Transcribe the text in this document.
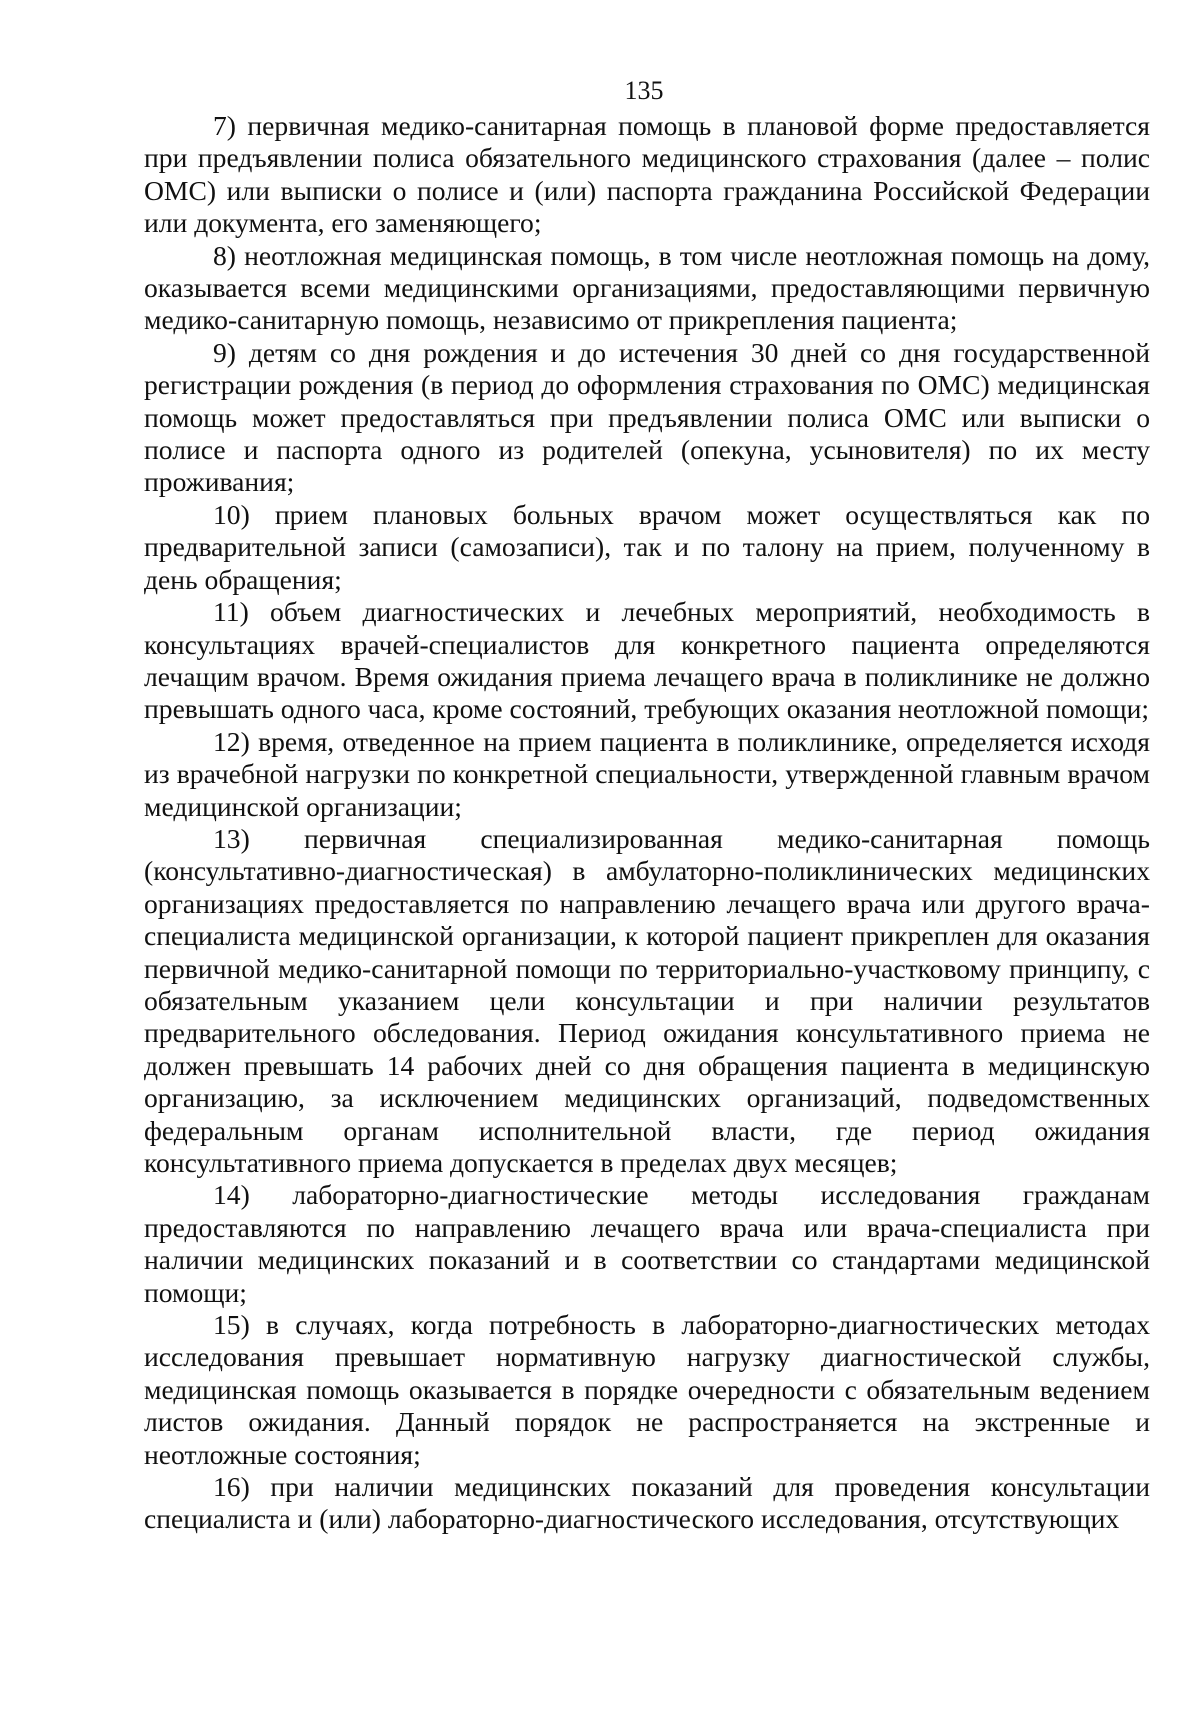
135

7) первичная медико-санитарная помощь в плановой форме предоставляется при предъявлении полиса обязательного медицинского страхования (далее – полис ОМС) или выписки о полисе и (или) паспорта гражданина Российской Федерации или документа, его заменяющего;

8) неотложная медицинская помощь, в том числе неотложная помощь на дому, оказывается всеми медицинскими организациями, предоставляющими первичную медико-санитарную помощь, независимо от прикрепления пациента;

9) детям со дня рождения и до истечения 30 дней со дня государственной регистрации рождения (в период до оформления страхования по ОМС) медицинская помощь может предоставляться при предъявлении полиса ОМС или выписки о полисе и паспорта одного из родителей (опекуна, усыновителя) по их месту проживания;

10) прием плановых больных врачом может осуществляться как по предварительной записи (самозаписи), так и по талону на прием, полученному в день обращения;

11) объем диагностических и лечебных мероприятий, необходимость в консультациях врачей-специалистов для конкретного пациента определяются лечащим врачом. Время ожидания приема лечащего врача в поликлинике не должно превышать одного часа, кроме состояний, требующих оказания неотложной помощи;

12) время, отведенное на прием пациента в поликлинике, определяется исходя из врачебной нагрузки по конкретной специальности, утвержденной главным врачом медицинской организации;

13) первичная специализированная медико-санитарная помощь (консультативно-диагностическая) в амбулаторно-поликлинических медицинских организациях предоставляется по направлению лечащего врача или другого врача-специалиста медицинской организации, к которой пациент прикреплен для оказания первичной медико-санитарной помощи по территориально-участковому принципу, с обязательным указанием цели консультации и при наличии результатов предварительного обследования. Период ожидания консультативного приема не должен превышать 14 рабочих дней со дня обращения пациента в медицинскую организацию, за исключением медицинских организаций, подведомственных федеральным органам исполнительной власти, где период ожидания консультативного приема допускается в пределах двух месяцев;

14) лабораторно-диагностические методы исследования гражданам предоставляются по направлению лечащего врача или врача-специалиста при наличии медицинских показаний и в соответствии со стандартами медицинской помощи;

15) в случаях, когда потребность в лабораторно-диагностических методах исследования превышает нормативную нагрузку диагностической службы, медицинская помощь оказывается в порядке очередности с обязательным ведением листов ожидания. Данный порядок не распространяется на экстренные и неотложные состояния;

16) при наличии медицинских показаний для проведения консультации специалиста и (или) лабораторно-диагностического исследования, отсутствующих
